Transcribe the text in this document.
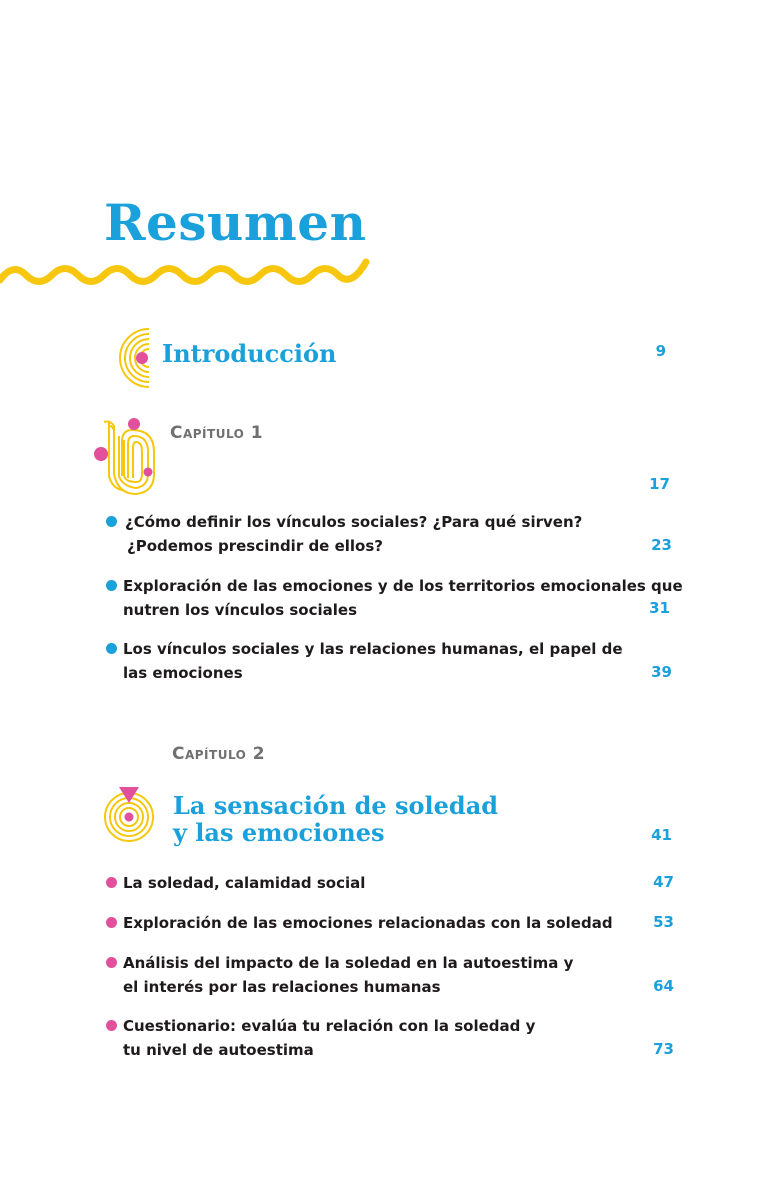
Resumen
Introducción	9
Capítulo 1
17
¿Cómo definir los vínculos sociales? ¿Para qué sirven?
¿Podemos prescindir de ellos?	23
Exploración de las emociones y de los territorios emocionales que
nutren los vínculos sociales	31
Los vínculos sociales y las relaciones humanas, el papel de
las emociones	39
Capítulo 2
La sensación de soledad
y las emociones	41
La soledad, calamidad social	47
Exploración de las emociones relacionadas con la soledad	53
Análisis del impacto de la soledad en la autoestima y
el interés por las relaciones humanas	64
Cuestionario: evalúa tu relación con la soledad y
tu nivel de autoestima	73
